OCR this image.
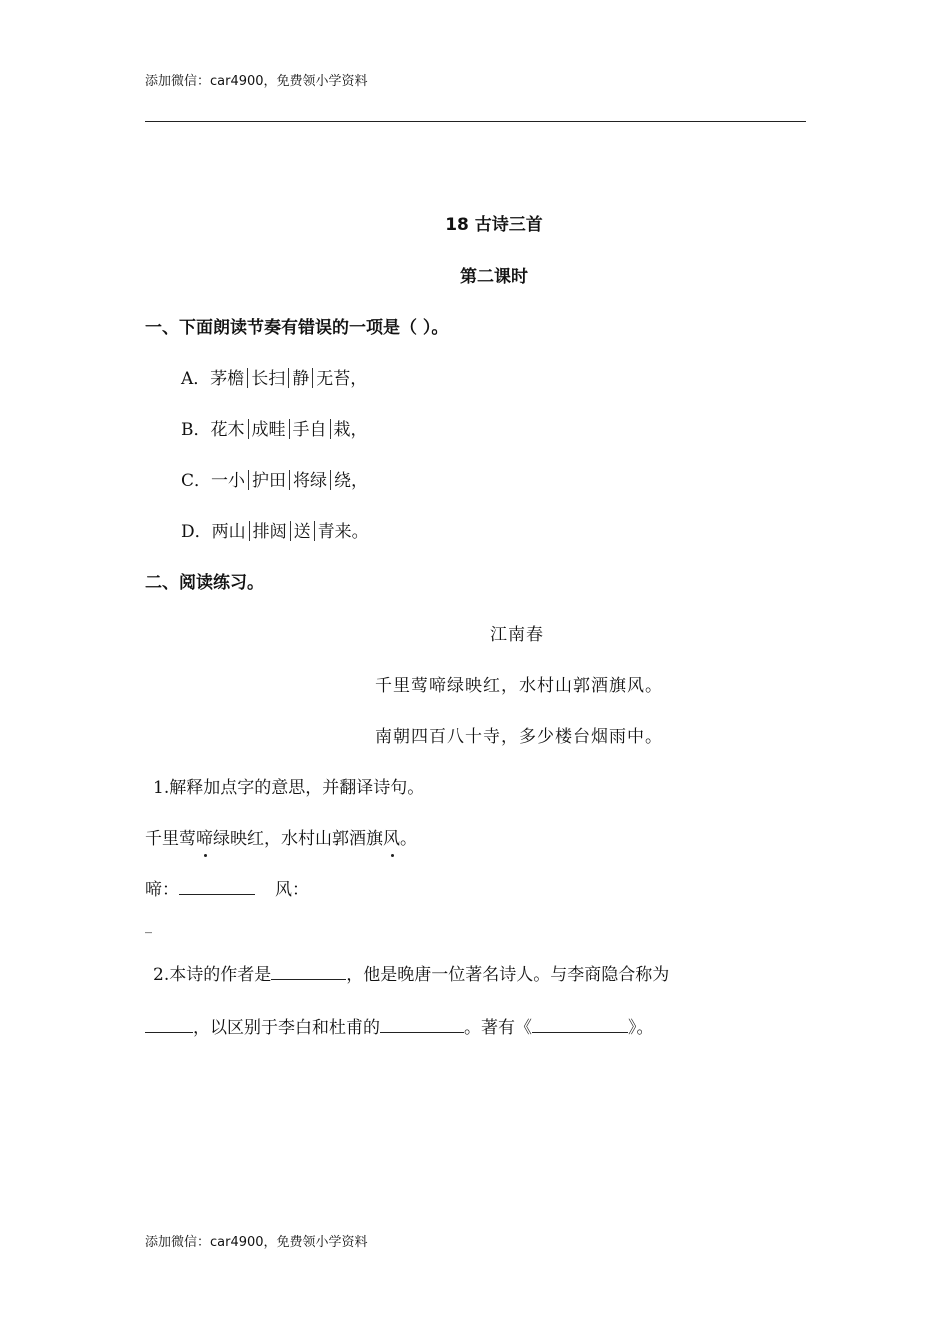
添加微信：car4900，免费领小学资料
18 古诗三首
第二课时
一、下面朗读节奏有错误的一项是（ ）。
A．茅檐 长扫 静 无苔，
B．花木 成畦 手自 栽，
C．一小 护田 将绿 绕，
D．两山 排闼 送 青来。
二、阅读练习。
江南春
千里莺啼绿映红，水村山郭酒旗风。
南朝四百八十寺，多少楼台烟雨中。
1.解释加点字的意思，并翻译诗句。
千里莺啼绿映红，水村山郭酒旗风。
啼：	风：
_
2.本诗的作者是	，他是晚唐一位著名诗人。与李商隐合称为
，以区别于李白和杜甫的	。著有《	》。
添加微信：car4900，免费领小学资料
